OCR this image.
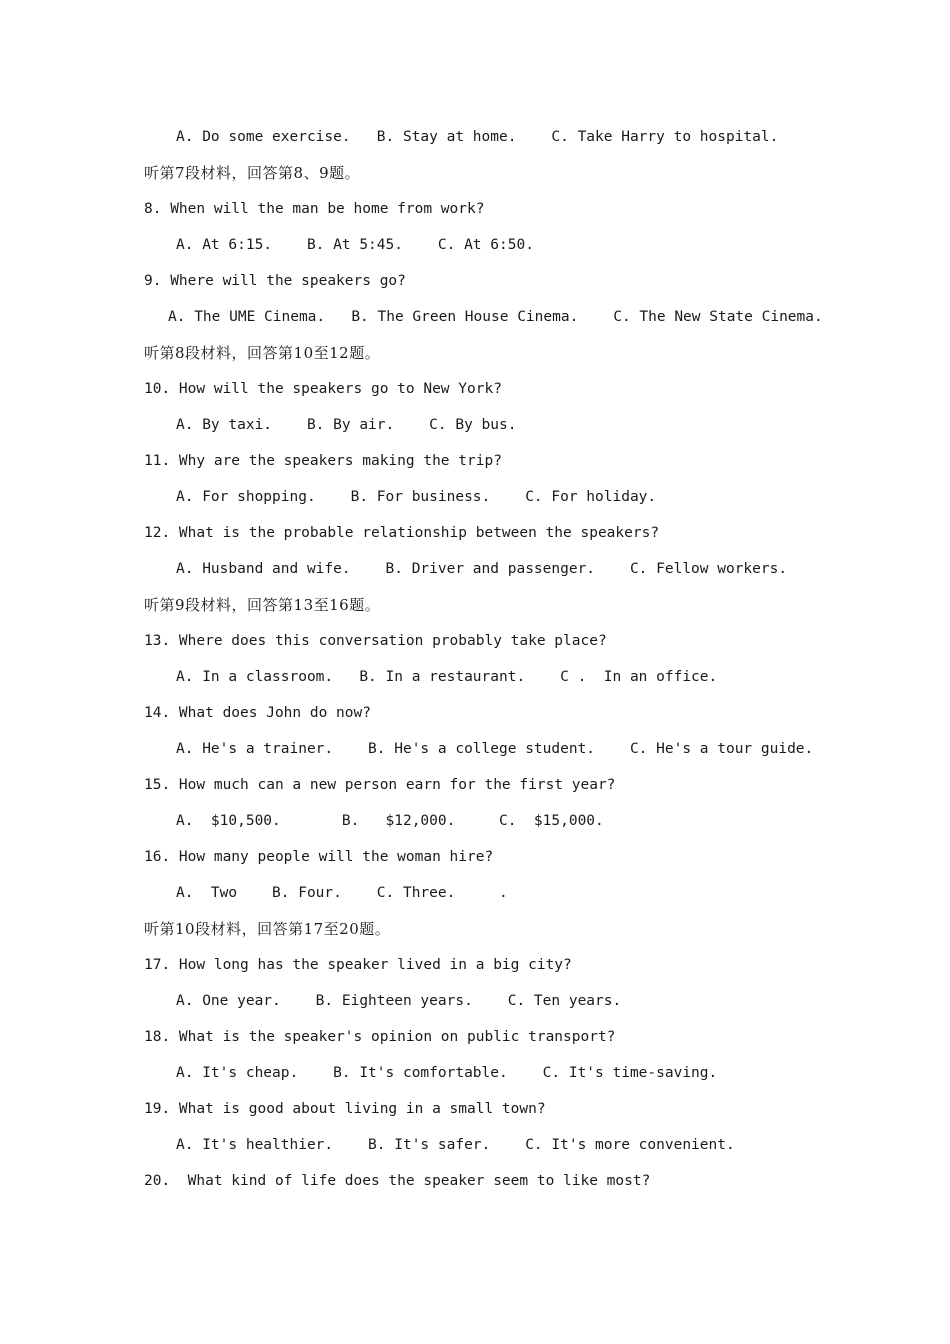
A. Do some exercise.   B. Stay at home.    C. Take Harry to hospital.
听第7段材料，回答第8、9题。
8. When will the man be home from work?
A. At 6:15.    B. At 5:45.    C. At 6:50.
9. Where will the speakers go?
A. The UME Cinema.   B. The Green House Cinema.    C. The New State Cinema.
听第8段材料，回答第10至12题。
10. How will the speakers go to New York?
A. By taxi.    B. By air.    C. By bus.
11. Why are the speakers making the trip?
A. For shopping.    B. For business.    C. For holiday.
12. What is the probable relationship between the speakers?
A. Husband and wife.    B. Driver and passenger.    C. Fellow workers.
听第9段材料，回答第13至16题。
13. Where does this conversation probably take place?
A. In a classroom.   B. In a restaurant.    C .  In an office.
14. What does John do now?
A. He's a trainer.    B. He's a college student.    C. He's a tour guide.
15. How much can a new person earn for the first year?
A.  $10,500.       B.   $12,000.     C.  $15,000.
16. How many people will the woman hire?
A.  Two    B. Four.    C. Three.     .
听第10段材料，回答第17至20题。
17. How long has the speaker lived in a big city?
A. One year.    B. Eighteen years.    C. Ten years.
18. What is the speaker's opinion on public transport?
A. It's cheap.    B. It's comfortable.    C. It's time-saving.
19. What is good about living in a small town?
A. It's healthier.    B. It's safer.    C. It's more convenient.
20.  What kind of life does the speaker seem to like most?
